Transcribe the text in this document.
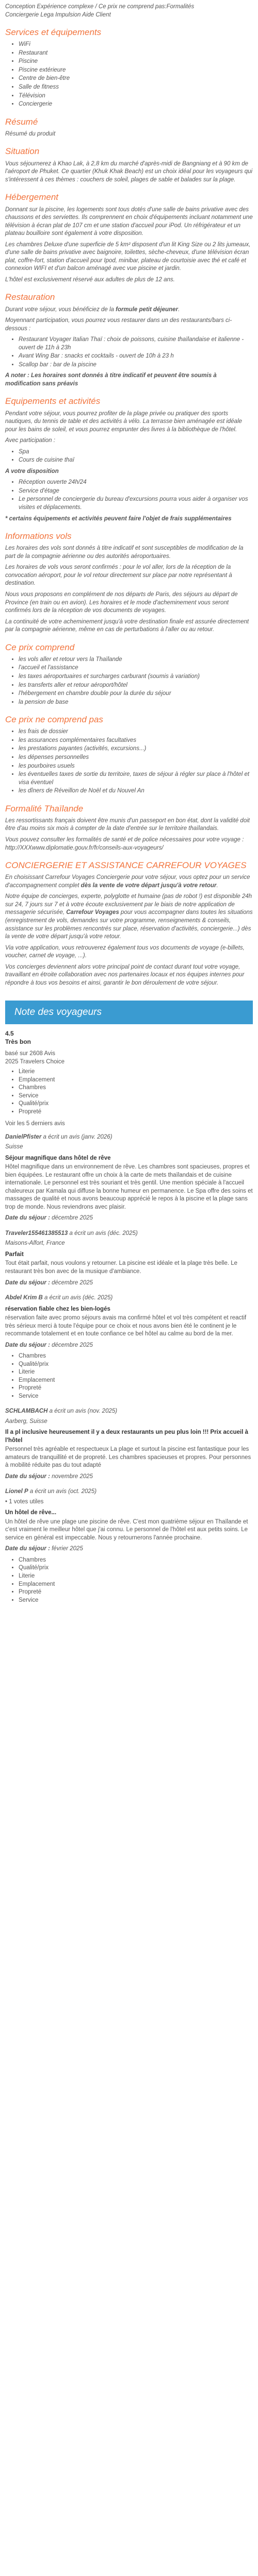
Conception Expérience complexe / Ce prix ne comprend pas:Formalités

Conciergerie Lega Impulsion Aide Client

Services et équipements
• WiFi
• Restaurant
• Piscine
• Piscine extérieure
• Centre de bien-être
• Salle de fitness
• Télévision
• Conciergerie
Résumé

Résumé du produit

Situation

Vous séjournerez à Khao Lak, à 2,8 km du marché d'après-midi de Bangniang et à 90 km de l'aéroport de Phuket. Ce quartier (Khuk Khak Beach) est un choix idéal pour les voyageurs qui s'intéressent à ces thèmes : couchers de soleil, plages de sable et balades sur la plage.

Hébergement

Donnant sur la piscine, les logements sont tous dotés d'une salle de bains privative avec des chaussons et des serviettes. Ils comprennent en choix d'équipements incluant notamment une télévision à écran plat de 107 cm et une station d'accueil pour iPod. Un réfrigérateur et un plateau bouilloire sont également à votre disposition.

Les chambres Deluxe d'une superficie de 5 km² disposent d'un lit King Size ou 2 lits jumeaux, d'une salle de bains privative avec baignoire, toilettes, sèche-cheveux, d'une télévision écran plat, coffre-fort, station d'accueil pour Ipod, minibar, plateau de courtoisie avec thé et café et connexion WIFI et d'un balcon aménagé avec vue piscine et jardin.

L'hôtel est exclusivement réservé aux adultes de plus de 12 ans.

Restauration

Durant votre séjour, vous bénéficiez de la formule petit déjeuner.

Moyennant participation, vous pourrez vous restaurer dans un des restaurants/bars ci-dessous :

• Restaurant Voyager Italian Thaï : choix de poissons, cuisine thaïlandaise et italienne - ouvert de 11h à 23h
• Avant Wing Bar : snacks et cocktails - ouvert de 10h à 23 h
• Scallop bar : bar de la piscine

A noter : Les horaires sont donnés à titre indicatif et peuvent être soumis à modification sans préavis

Equipements et activités

Pendant votre séjour, vous pourrez profiter de la plage privée ou pratiquer des sports nautiques, du tennis de table et des activités à vélo. La terrasse bien aménagée est idéale pour les bains de soleil, et vous pourrez emprunter des livres à la bibliothèque de l'hôtel.

Avec participation :

• Spa
• Cours de cuisine thaï

A votre disposition

• Réception ouverte 24h/24
• Service d'étage
• Le personnel de conciergerie du bureau d'excursions pourra vous aider à organiser vos visites et déplacements.

* certains équipements et activités peuvent faire l'objet de frais supplémentaires

Informations vols

Les horaires des vols sont donnés à titre indicatif et sont susceptibles de modification de la part de la compagnie aérienne ou des autorités aéroportuaires.

Les horaires de vols vous seront confirmés : pour le vol aller, lors de la réception de la convocation aéroport, pour le vol retour directement sur place par notre représentant à destination.

Nous vous proposons en complément de nos départs de Paris, des séjours au départ de Province (en train ou en avion). Les horaires et le mode d'acheminement vous seront confirmés lors de la réception de vos documents de voyages.

La continuité de votre acheminement jusqu'à votre destination finale est assurée directement par la compagnie aérienne, même en cas de perturbations à l'aller ou au retour.

Ce prix comprend
• les vols aller et retour vers la Thaïlande
• l'accueil et l'assistance
• les taxes aéroportuaires et surcharges carburant (soumis à variation)
• les transferts aller et retour aéroport/hôtel
• l'hébergement en chambre double pour la durée du séjour
• la pension de base
Ce prix ne comprend pas
• les frais de dossier
• les assurances complémentaires facultatives
• les prestations payantes (activités, excursions...)
• les dépenses personnelles
• les pourboires usuels
• les éventuelles taxes de sortie du territoire, taxes de séjour à régler sur place à l'hôtel et visa éventuel
• les dîners de Réveillon de Noël et du Nouvel An
Formalité Thaïlande

Les ressortissants français doivent être munis d'un passeport en bon état, dont la validité doit être d'au moins six mois à compter de la date d'entrée sur le territoire thaïlandais.

Vous pouvez consulter les formalités de santé et de police nécessaires pour votre voyage : http://XXXwww.diplomatie.gouv.fr/fr/conseils-aux-voyageurs/

CONCIERGERIE ET ASSISTANCE CARREFOUR VOYAGES

En choisissant Carrefour Voyages Conciergerie pour votre séjour, vous optez pour un service d'accompagnement complet dès la vente de votre départ jusqu'à votre retour.

Notre équipe de concierges, experte, polyglotte et humaine (pas de robot !) est disponible 24h sur 24, 7 jours sur 7 et à votre écoute exclusivement par le biais de notre application de messagerie sécurisée, Carrefour Voyages pour vous accompagner dans toutes les situations (enregistrement de vols, demandes sur votre programme, renseignements & conseils, assistance sur les problèmes rencontrés sur place, réservation d'activités, conciergerie...) dès la vente de votre départ jusqu'à votre retour.

Via votre application, vous retrouverez également tous vos documents de voyage (e-billets, voucher, carnet de voyage, ...).

Vos concierges deviennent alors votre principal point de contact durant tout votre voyage, travaillant en étroite collaboration avec nos partenaires locaux et nos équipes internes pour répondre à tous vos besoins et ainsi, garantir le bon déroulement de votre séjour.

Note des voyageurs

4.5

Très bon

basé sur 2608 Avis

2025 Travelers Choice

• Literie
• Emplacement
• Chambres
• Service
• Qualité/prix
• Propreté

Voir les 5 derniers avis

DanielPfister a écrit un avis (janv. 2026)

Suisse

Séjour magnifique dans hôtel de rêve

Hôtel magnifique dans un environnement de rêve. Les chambres sont spacieuses, propres et bien équipées. Le restaurant offre un choix à la carte de mets thaïlandais et de cuisine internationale. Le personnel est très souriant et très gentil. Une mention spéciale à l'accueil chaleureux par Kamala qui diffuse la bonne humeur en permanence. Le Spa offre des soins et massages de qualité et nous avons beaucoup apprécié le repos à la piscine et la plage sans trop de monde. Nous reviendrons avec plaisir.

Date du séjour : décembre 2025

Traveler155461385513 a écrit un avis (déc. 2025)

Maisons-Alfort, France

Parfait

Tout était parfait, nous voulons y retourner. La piscine est idéale et la plage très belle. Le restaurant très bon avec de la musique d'ambiance.

Date du séjour : décembre 2025

Abdel Krim B a écrit un avis (déc. 2025)

réservation fiable chez les bien-logés

réservation faite avec promo séjours avais ma confirmé hôtel et vol très compétent et reactif très sérieux merci à toute l'équipe pour ce choix et nous avons bien été le continent je le recommande totalement et en toute confiance ce bel hôtel au calme au bord de la mer.

Date du séjour : décembre 2025

• Chambres
• Qualité/prix
• Literie
• Emplacement
• Propreté
• Service

SCHLAMBACH a écrit un avis (nov. 2025)

Aarberg, Suisse

Il a pl inclusive heureusement il y a deux restaurants un peu plus loin !!! Prix accueil à l'hôtel

Personnel très agréable et respectueux La plage et surtout la piscine est fantastique pour les amateurs de tranquillité et de propreté. Les chambres spacieuses et propres. Pour personnes à mobilité réduite pas du tout adapté

Date du séjour : novembre 2025

Lionel P a écrit un avis (oct. 2025)

• 1 votes utiles

Un hôtel de rêve...

Un hôtel de rêve une plage une piscine de rêve. C'est mon quatrième séjour en Thaïlande et c'est vraiment le meilleur hôtel que j'ai connu. Le personnel de l'hôtel est aux petits soins. Le service en général est impeccable. Nous y retournerons l'année prochaine.

Date du séjour : février 2025

• Chambres
• Qualité/prix
• Literie
• Emplacement
• Propreté
• Service
